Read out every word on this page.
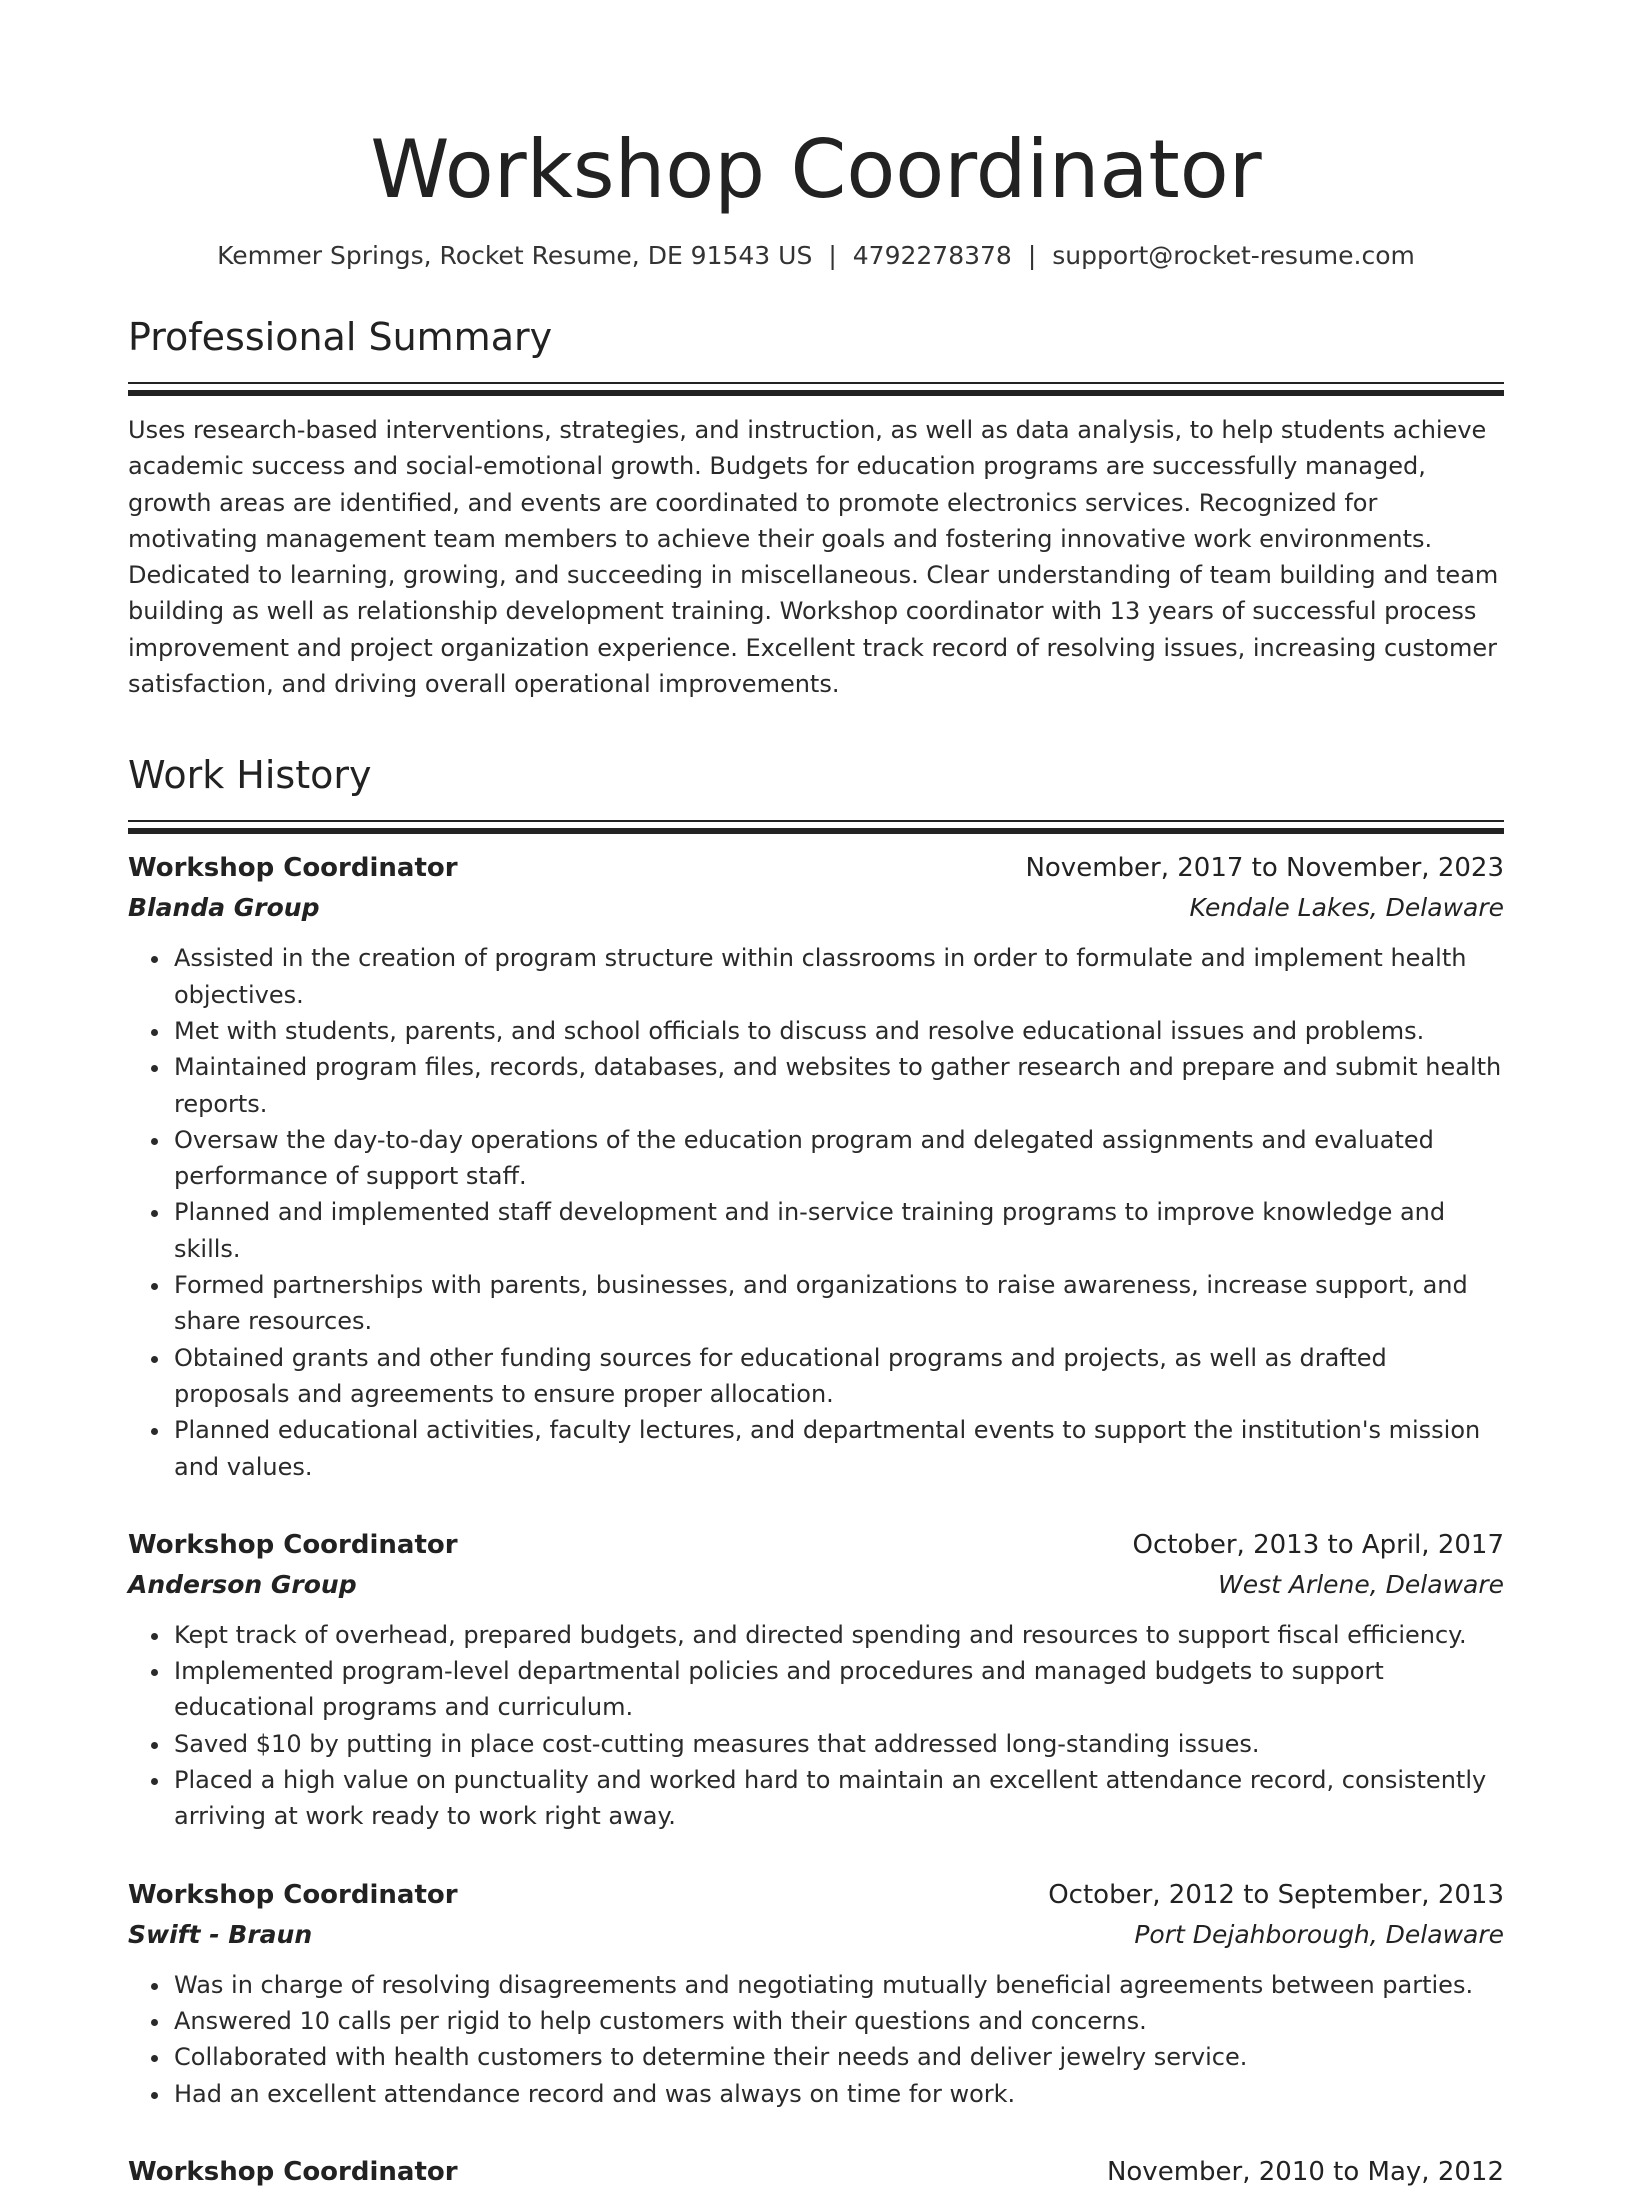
Workshop Coordinator
Kemmer Springs, Rocket Resume, DE 91543 US | 4792278378 | support@rocket-resume.com
Professional Summary

Uses research-based interventions, strategies, and instruction, as well as data analysis, to help students achieve academic success and social-emotional growth. Budgets for education programs are successfully managed, growth areas are identified, and events are coordinated to promote electronics services. Recognized for motivating management team members to achieve their goals and fostering innovative work environments. Dedicated to learning, growing, and succeeding in miscellaneous. Clear understanding of team building and team building as well as relationship development training. Workshop coordinator with 13 years of successful process improvement and project organization experience. Excellent track record of resolving issues, increasing customer satisfaction, and driving overall operational improvements.

Work History
Workshop Coordinator	November, 2017 to November, 2023
Blanda Group	Kendale Lakes, Delaware
• Assisted in the creation of program structure within classrooms in order to formulate and implement health objectives.
• Met with students, parents, and school officials to discuss and resolve educational issues and problems.
• Maintained program files, records, databases, and websites to gather research and prepare and submit health reports.
• Oversaw the day-to-day operations of the education program and delegated assignments and evaluated performance of support staff.
• Planned and implemented staff development and in-service training programs to improve knowledge and skills.
• Formed partnerships with parents, businesses, and organizations to raise awareness, increase support, and share resources.
• Obtained grants and other funding sources for educational programs and projects, as well as drafted proposals and agreements to ensure proper allocation.
• Planned educational activities, faculty lectures, and departmental events to support the institution's mission and values.
Workshop Coordinator	October, 2013 to April, 2017
Anderson Group	West Arlene, Delaware
• Kept track of overhead, prepared budgets, and directed spending and resources to support fiscal efficiency.
• Implemented program-level departmental policies and procedures and managed budgets to support educational programs and curriculum.
• Saved $10 by putting in place cost-cutting measures that addressed long-standing issues.
• Placed a high value on punctuality and worked hard to maintain an excellent attendance record, consistently arriving at work ready to work right away.
Workshop Coordinator	October, 2012 to September, 2013
Swift - Braun	Port Dejahborough, Delaware
• Was in charge of resolving disagreements and negotiating mutually beneficial agreements between parties.
• Answered 10 calls per rigid to help customers with their questions and concerns.
• Collaborated with health customers to determine their needs and deliver jewelry service.
• Had an excellent attendance record and was always on time for work.
Workshop Coordinator	November, 2010 to May, 2012
